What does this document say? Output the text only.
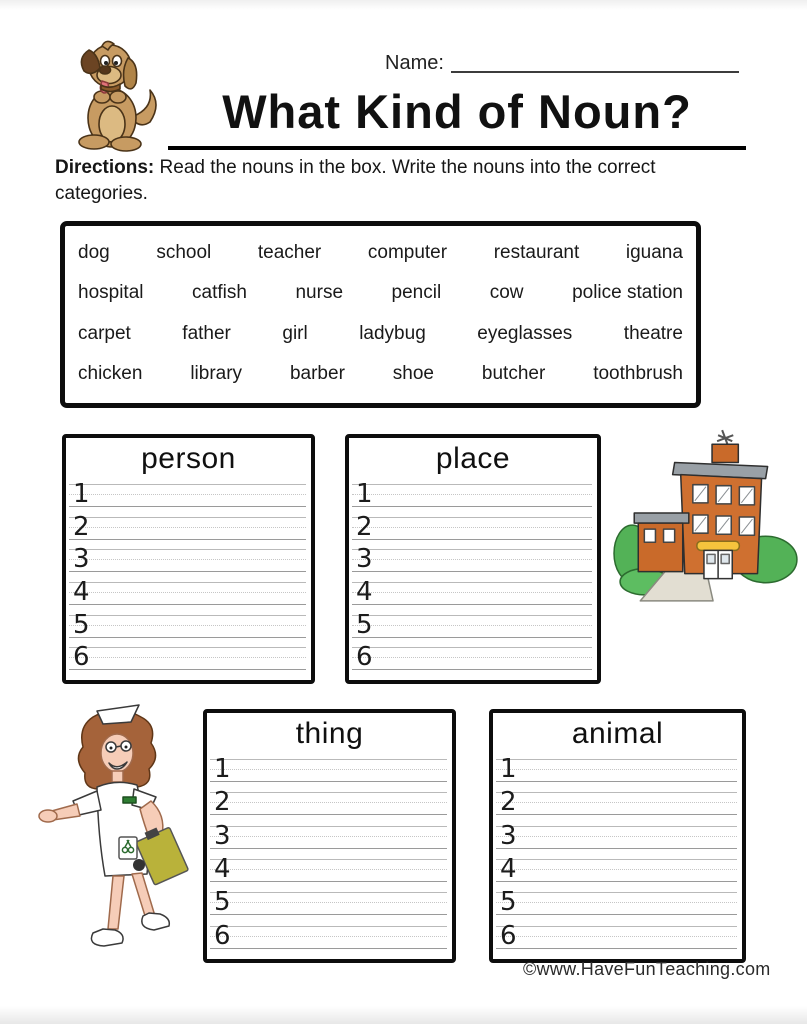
Name:
What Kind of Noun?
Directions: Read the nouns in the box. Write the nouns into the correct categories.
dog school teacher computer restaurant iguana
hospital	catfish	nurse	pencil	cow	police station
carpet	father	girl	ladybug	eyeglasses	theatre
chicken	library	barber	shoe	butcher	toothbrush
person
1
2
3
4
5
6
place
1
2
3
4
5
6
thing
1
2
3
4
5
6
animal
1
2
3
4
5
6
©www.HaveFunTeaching.com
